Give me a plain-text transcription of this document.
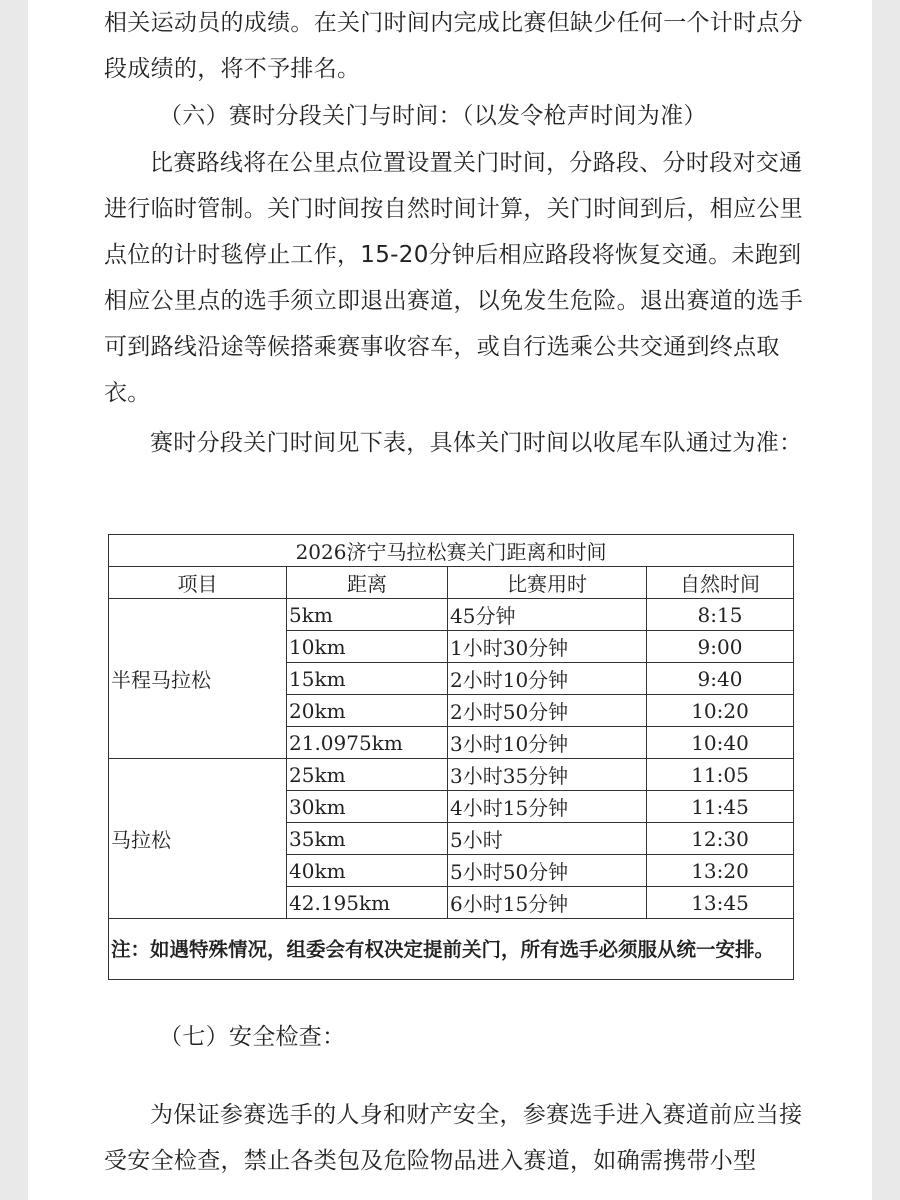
相关运动员的成绩。在关门时间内完成比赛但缺少任何一个计时点分段成绩的，将不予排名。

（六）赛时分段关门与时间：（以发令枪声时间为准）

比赛路线将在公里点位置设置关门时间，分路段、分时段对交通进行临时管制。关门时间按自然时间计算，关门时间到后，相应公里点位的计时毯停止工作，15-20分钟后相应路段将恢复交通。未跑到相应公里点的选手须立即退出赛道，以免发生危险。退出赛道的选手可到路线沿途等候搭乘赛事收容车，或自行选乘公共交通到终点取衣。

赛时分段关门时间见下表，具体关门时间以收尾车队通过为准：

2026济宁马拉松赛关门距离和时间			
项目	距离	比赛用时	自然时间
半程马拉松	5km	45分钟	8:15
	10km	1小时30分钟	9:00
	15km	2小时10分钟	9:40
	20km	2小时50分钟	10:20
	21.0975km	3小时10分钟	10:40
马拉松	25km	3小时35分钟	11:05
	30km	4小时15分钟	11:45
	35km	5小时	12:30
	40km	5小时50分钟	13:20
	42.195km	6小时15分钟	13:45
注：如遇特殊情况，组委会有权决定提前关门，所有选手必须服从统一安排。			

（七）安全检查：

为保证参赛选手的人身和财产安全，参赛选手进入赛道前应当接受安全检查，禁止各类包及危险物品进入赛道，如确需携带小型
